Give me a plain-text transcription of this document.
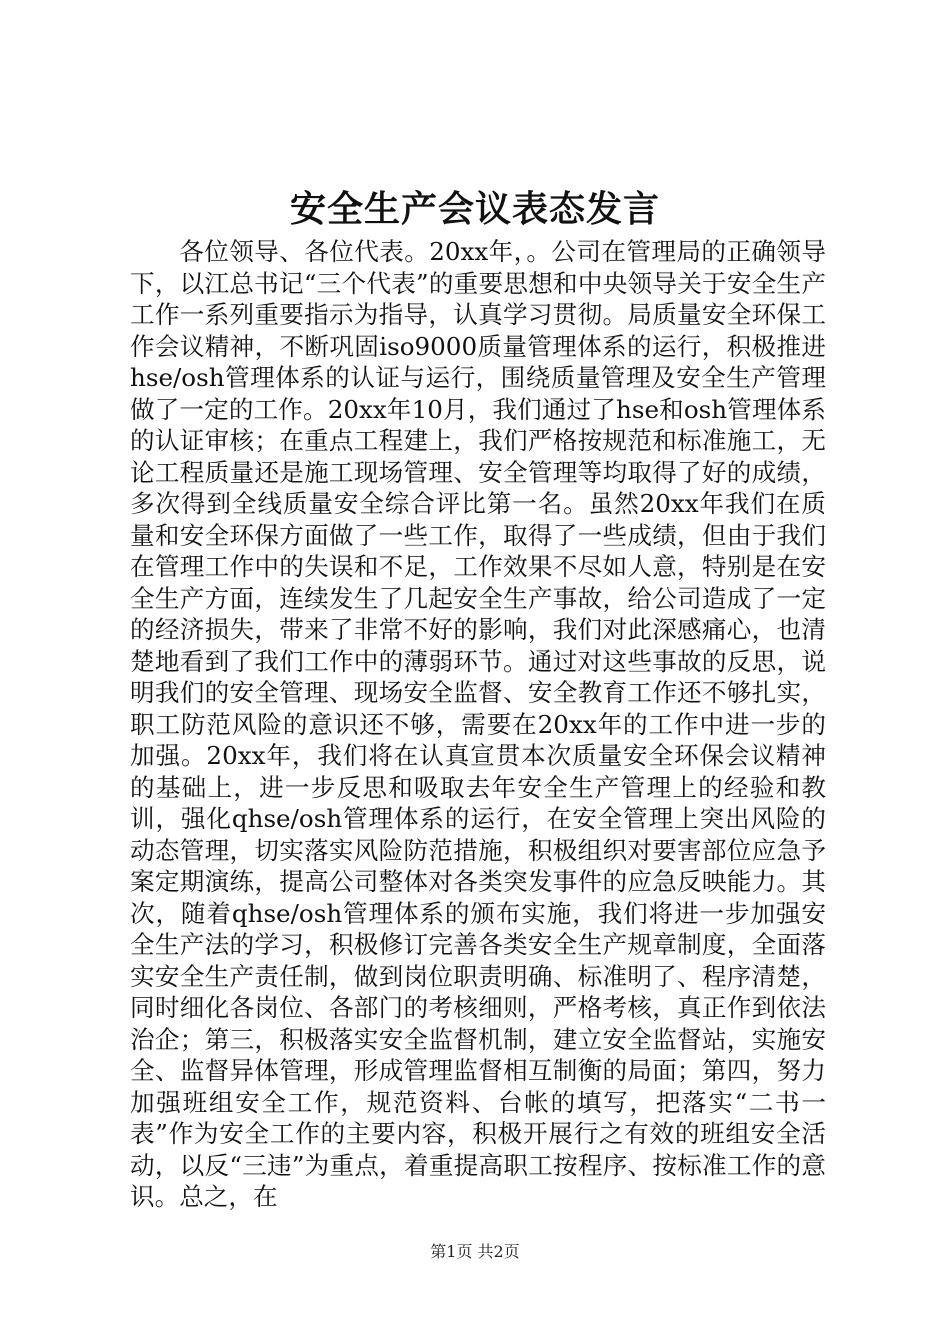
安全生产会议表态发言

各位领导、各位代表。20xx年，。公司在管理局的正确领导下，以江总书记“三个代表”的重要思想和中央领导关于安全生产工作一系列重要指示为指导，认真学习贯彻。局质量安全环保工作会议精神，不断巩固iso9000质量管理体系的运行，积极推进hse/osh管理体系的认证与运行，围绕质量管理及安全生产管理做了一定的工作。20xx年10月，我们通过了hse和osh管理体系的认证审核；在重点工程建上，我们严格按规范和标准施工，无论工程质量还是施工现场管理、安全管理等均取得了好的成绩，多次得到全线质量安全综合评比第一名。虽然20xx年我们在质量和安全环保方面做了一些工作，取得了一些成绩，但由于我们在管理工作中的失误和不足，工作效果不尽如人意，特别是在安全生产方面，连续发生了几起安全生产事故，给公司造成了一定的经济损失，带来了非常不好的影响，我们对此深感痛心，也清楚地看到了我们工作中的薄弱环节。通过对这些事故的反思，说明我们的安全管理、现场安全监督、安全教育工作还不够扎实，职工防范风险的意识还不够，需要在20xx年的工作中进一步的加强。20xx年，我们将在认真宣贯本次质量安全环保会议精神的基础上，进一步反思和吸取去年安全生产管理上的经验和教训，强化qhse/osh管理体系的运行，在安全管理上突出风险的动态管理，切实落实风险防范措施，积极组织对要害部位应急予案定期演练，提高公司整体对各类突发事件的应急反映能力。其次，随着qhse/osh管理体系的颁布实施，我们将进一步加强安全生产法的学习，积极修订完善各类安全生产规章制度，全面落实安全生产责任制，做到岗位职责明确、标准明了、程序清楚，同时细化各岗位、各部门的考核细则，严格考核，真正作到依法治企；第三，积极落实安全监督机制，建立安全监督站，实施安全、监督异体管理，形成管理监督相互制衡的局面；第四，努力加强班组安全工作，规范资料、台帐的填写，把落实“二书一表”作为安全工作的主要内容，积极开展行之有效的班组安全活动，以反“三违”为重点，着重提高职工按程序、按标准工作的意识。总之，在

第1页 共2页
